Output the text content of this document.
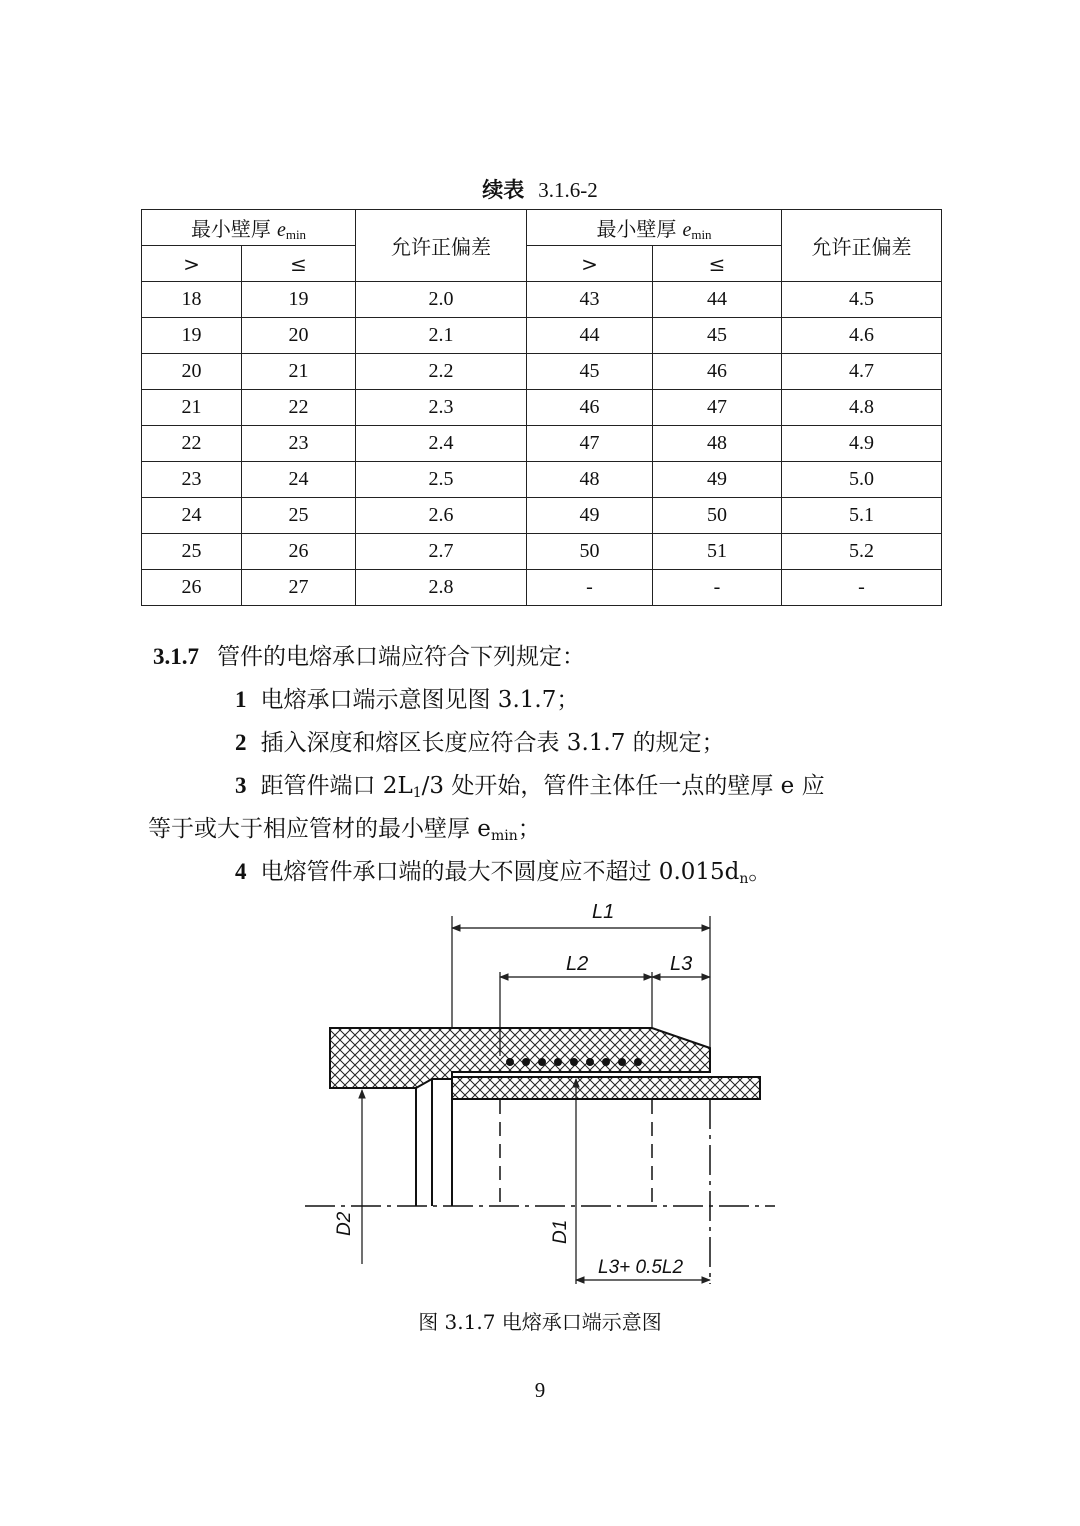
续表 3.1.6-2
最小壁厚 emin		允许正偏差	最小壁厚 emin		允许正偏差
>	≤		>	≤	
18	19	2.0	43	44	4.5
19	20	2.1	44	45	4.6
20	21	2.2	45	46	4.7
21	22	2.3	46	47	4.8
22	23	2.4	47	48	4.9
23	24	2.5	48	49	5.0
24	25	2.6	49	50	5.1
25	26	2.7	50	51	5.2
26	27	2.8	-	-	-
3.1.7 管件的电熔承口端应符合下列规定：
1 电熔承口端示意图见图 3.1.7；
2 插入深度和熔区长度应符合表 3.1.7 的规定；
3 距管件端口 $2L_1/3$ 处开始，管件主体任一点的壁厚 e 应
等于或大于相应管材的最小壁厚 $e_{min}$；
4 电熔管件承口端的最大不圆度应不超过 $0.015d_n$。
L1
L2	L3
L3+ 0.5L2
D2	D1
图 3.1.7 电熔承口端示意图
9
